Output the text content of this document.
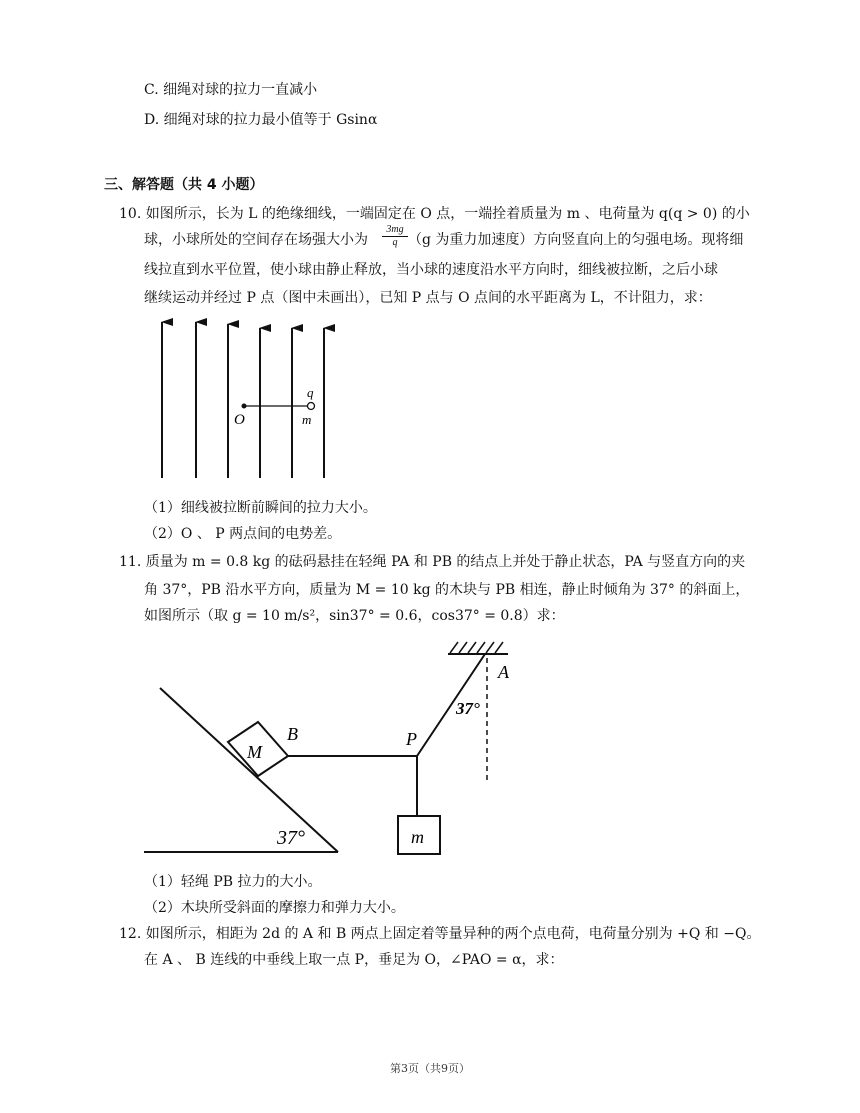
C. 细绳对球的拉力一直减小
D. 细绳对球的拉力最小值等于 Gsinα
三、解答题（共 4 小题）
10. 如图所示，长为 L 的绝缘细线，一端固定在 O 点，一端拴着质量为 m 、电荷量为 q(q > 0) 的小
球，小球所处的空间存在场强大小为
3mg
q （g 为重力加速度）方向竖直向上的匀强电场。现将细
线拉直到水平位置，使小球由静止释放，当小球的速度沿水平方向时，细线被拉断，之后小球
继续运动并经过 P 点（图中未画出），已知 P 点与 O 点间的水平距离为 L，不计阻力，求：
O
q
m
（1）细线被拉断前瞬间的拉力大小。
（2）O 、 P 两点间的电势差。
11. 质量为 m = 0.8 kg 的砝码悬挂在轻绳 PA 和 PB 的结点上并处于静止状态，PA 与竖直方向的夹
角 37°，PB 沿水平方向，质量为 M = 10 kg 的木块与 PB 相连，静止时倾角为 37° 的斜面上，
如图所示（取 g = 10 m/s²，sin37° = 0.6，cos37° = 0.8）求：
A
37°
P
B
M
m
37°
（1）轻绳 PB 拉力的大小。
（2）木块所受斜面的摩擦力和弹力大小。
12. 如图所示，相距为 2d 的 A 和 B 两点上固定着等量异种的两个点电荷，电荷量分别为 +Q 和 −Q。
在 A 、 B 连线的中垂线上取一点 P，垂足为 O，∠PAO = α，求：
第3页（共9页）
